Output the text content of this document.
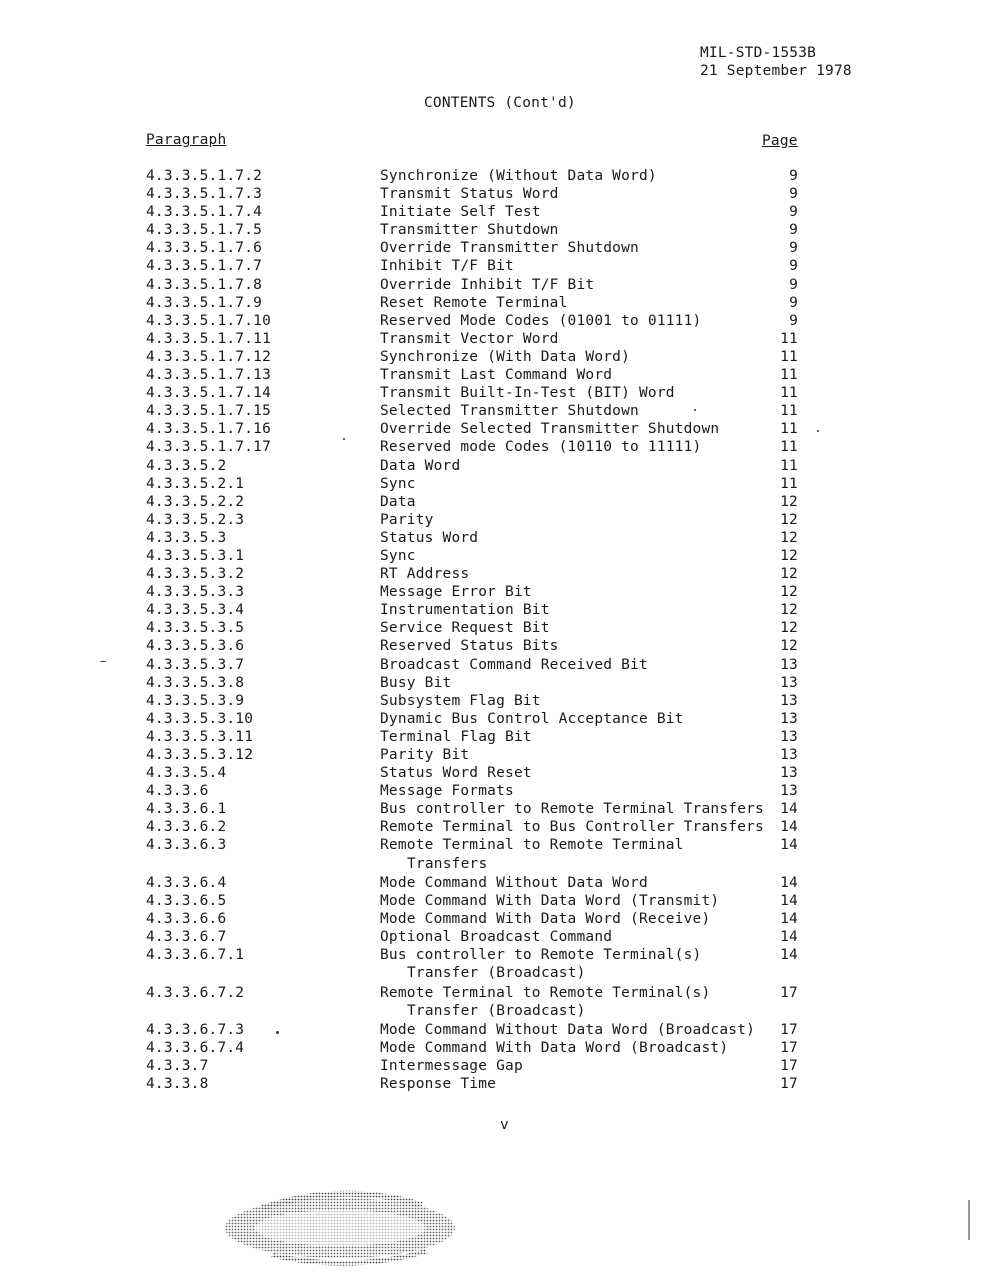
MIL-STD-1553B
21 September 1978
CONTENTS (Cont'd)
Paragraph	Page
4.3.3.5.1.7.2	Synchronize (Without Data Word)	9
4.3.3.5.1.7.3	Transmit Status Word	9
4.3.3.5.1.7.4	Initiate Self Test	9
4.3.3.5.1.7.5	Transmitter Shutdown	9
4.3.3.5.1.7.6	Override Transmitter Shutdown	9
4.3.3.5.1.7.7	Inhibit T/F Bit	9
4.3.3.5.1.7.8	Override Inhibit T/F Bit	9
4.3.3.5.1.7.9	Reset Remote Terminal	9
4.3.3.5.1.7.10	Reserved Mode Codes (01001 to 01111)	9
4.3.3.5.1.7.11	Transmit Vector Word	11
4.3.3.5.1.7.12	Synchronize (With Data Word)	11
4.3.3.5.1.7.13	Transmit Last Command Word	11
4.3.3.5.1.7.14	Transmit Built-In-Test (BIT) Word	11
4.3.3.5.1.7.15	Selected Transmitter Shutdown	11
4.3.3.5.1.7.16	Override Selected Transmitter Shutdown	11
4.3.3.5.1.7.17	Reserved mode Codes (10110 to 11111)	11
4.3.3.5.2	Data Word	11
4.3.3.5.2.1	Sync	11
4.3.3.5.2.2	Data	12
4.3.3.5.2.3	Parity	12
4.3.3.5.3	Status Word	12
4.3.3.5.3.1	Sync	12
4.3.3.5.3.2	RT Address	12
4.3.3.5.3.3	Message Error Bit	12
4.3.3.5.3.4	Instrumentation Bit	12
4.3.3.5.3.5	Service Request Bit	12
4.3.3.5.3.6	Reserved Status Bits	12
4.3.3.5.3.7	Broadcast Command Received Bit	13
4.3.3.5.3.8	Busy Bit	13
4.3.3.5.3.9	Subsystem Flag Bit	13
4.3.3.5.3.10	Dynamic Bus Control Acceptance Bit	13
4.3.3.5.3.11	Terminal Flag Bit	13
4.3.3.5.3.12	Parity Bit	13
4.3.3.5.4	Status Word Reset	13
4.3.3.6	Message Formats	13
4.3.3.6.1	Bus controller to Remote Terminal Transfers	14
4.3.3.6.2	Remote Terminal to Bus Controller Transfers	14
4.3.3.6.3	Remote Terminal to Remote Terminal
Transfers
14
4.3.3.6.4	Mode Command Without Data Word	14
4.3.3.6.5	Mode Command With Data Word (Transmit)	14
4.3.3.6.6	Mode Command With Data Word (Receive)	14
4.3.3.6.7	Optional Broadcast Command	14
4.3.3.6.7.1	Bus controller to Remote Terminal(s)
Transfer (Broadcast)
14
4.3.3.6.7.2	Remote Terminal to Remote Terminal(s)
Transfer (Broadcast)
17
4.3.3.6.7.3	Mode Command Without Data Word (Broadcast)	17
4.3.3.6.7.4	Mode Command With Data Word (Broadcast)	17
4.3.3.7	Intermessage Gap	17
4.3.3.8	Response Time	17
v
